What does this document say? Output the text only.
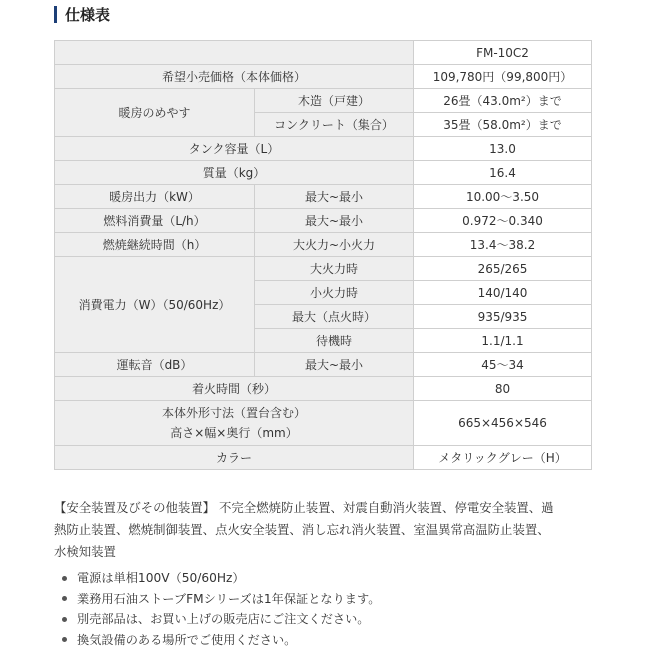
仕様表
		FM-10C2
希望小売価格（本体価格）		109,780円（99,800円）
暖房のめやす	木造（戸建）	26畳（43.0m²）まで
	コンクリート（集合）	35畳（58.0m²）まで
タンク容量（L）		13.0
質量（kg）		16.4
暖房出力（kW）	最大~最小	10.00～3.50
燃料消費量（L/h）	最大~最小	0.972～0.340
燃焼継続時間（h）	大火力~小火力	13.4～38.2
消費電力（W）（50/60Hz）	大火力時	265/265
	小火力時	140/140
	最大（点火時）	935/935
	待機時	1.1/1.1
運転音（dB）	最大~最小	45～34
着火時間（秒）		80

本体外形寸法（置台含む）
高さ×幅×奥行（mm）		665×456×546
カラー		メタリックグレー（H）
【安全装置及びその他装置】 不完全燃焼防止装置、対震自動消火装置、停電安全装置、過
熱防止装置、燃焼制御装置、点火安全装置、消し忘れ消火装置、室温異常高温防止装置、
水検知装置
電源は単相100V（50/60Hz）
業務用石油ストーブFMシリーズは1年保証となります。
別売部品は、お買い上げの販売店にご注文ください。
換気設備のある場所でご使用ください。
